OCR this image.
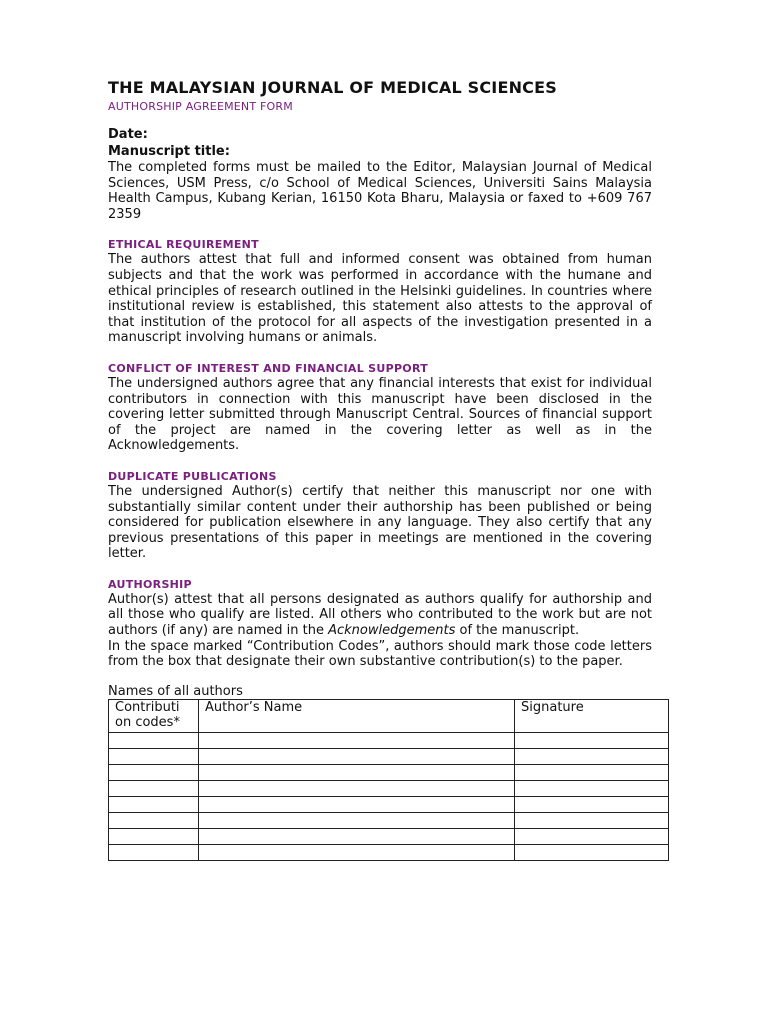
THE MALAYSIAN JOURNAL OF MEDICAL SCIENCES
AUTHORSHIP AGREEMENT FORM
Date:
Manuscript title:

The completed forms must be mailed to the Editor, Malaysian Journal of Medical Sciences, USM Press, c/o School of Medical Sciences, Universiti Sains Malaysia Health Campus, Kubang Kerian, 16150 Kota Bharu, Malaysia or faxed to +609 767 2359

ETHICAL REQUIREMENT

The authors attest that full and informed consent was obtained from human subjects and that the work was performed in accordance with the humane and ethical principles of research outlined in the Helsinki guidelines. In countries where institutional review is established, this statement also attests to the approval of that institution of the protocol for all aspects of the investigation presented in a manuscript involving humans or animals.

CONFLICT OF INTEREST AND FINANCIAL SUPPORT

The undersigned authors agree that any financial interests that exist for individual contributors in connection with this manuscript have been disclosed in the covering letter submitted through Manuscript Central. Sources of financial support of the project are named in the covering letter as well as in the Acknowledgements.

DUPLICATE PUBLICATIONS

The undersigned Author(s) certify that neither this manuscript nor one with substantially similar content under their authorship has been published or being considered for publication elsewhere in any language. They also certify that any previous presentations of this paper in meetings are mentioned in the covering letter.

AUTHORSHIP

Author(s) attest that all persons designated as authors qualify for authorship and all those who qualify are listed. All others who contributed to the work but are not authors (if any) are named in the Acknowledgements of the manuscript.

In the space marked “Contribution Codes”, authors should mark those code letters from the box that designate their own substantive contribution(s) to the paper.

Names of all authors
Contributi on codes*	Author’s Name	Signature
